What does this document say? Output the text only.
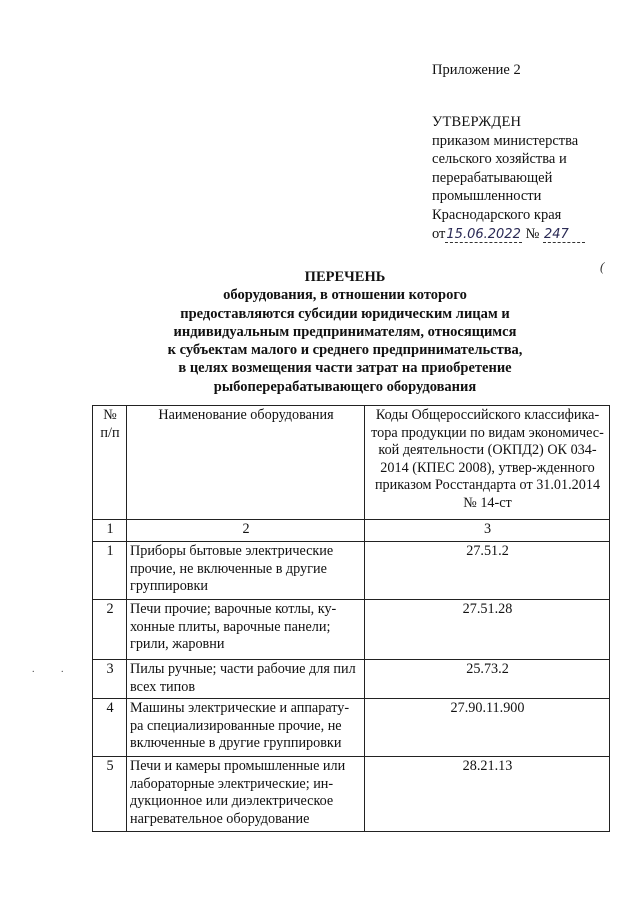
Приложение 2
УТВЕРЖДЕН
приказом министерства
сельского хозяйства и
перерабатывающей
промышленности
Краснодарского края
от15.06.2022 № 247
(
ПЕРЕЧЕНЬ
оборудования, в отношении которого
предоставляются субсидии юридическим лицам и
индивидуальным предпринимателям, относящимся
к субъектам малого и среднего предпринимательства,
в целях возмещения части затрат на приобретение
рыбоперерабатывающего оборудования
. .
№ п/п	Наименование оборудования	Коды Общероссийского классифика-тора продукции по видам экономичес-кой деятельности (ОКПД2) ОК 034-2014 (КПЕС 2008), утвер-жденного приказом Росстандарта от 31.01.2014 № 14-ст
1	2	3
1	Приборы бытовые электрические прочие, не включенные в другие группировки	27.51.2
2	Печи прочие; варочные котлы, ку-хонные плиты, варочные панели; грили, жаровни	27.51.28
3	Пилы ручные; части рабочие для пил всех типов	25.73.2
4	Машины электрические и аппарату-ра специализированные прочие, не включенные в другие группировки	27.90.11.900
5	Печи и камеры промышленные или лабораторные электрические; ин-дукционное или диэлектрическое нагревательное оборудование	28.21.13
